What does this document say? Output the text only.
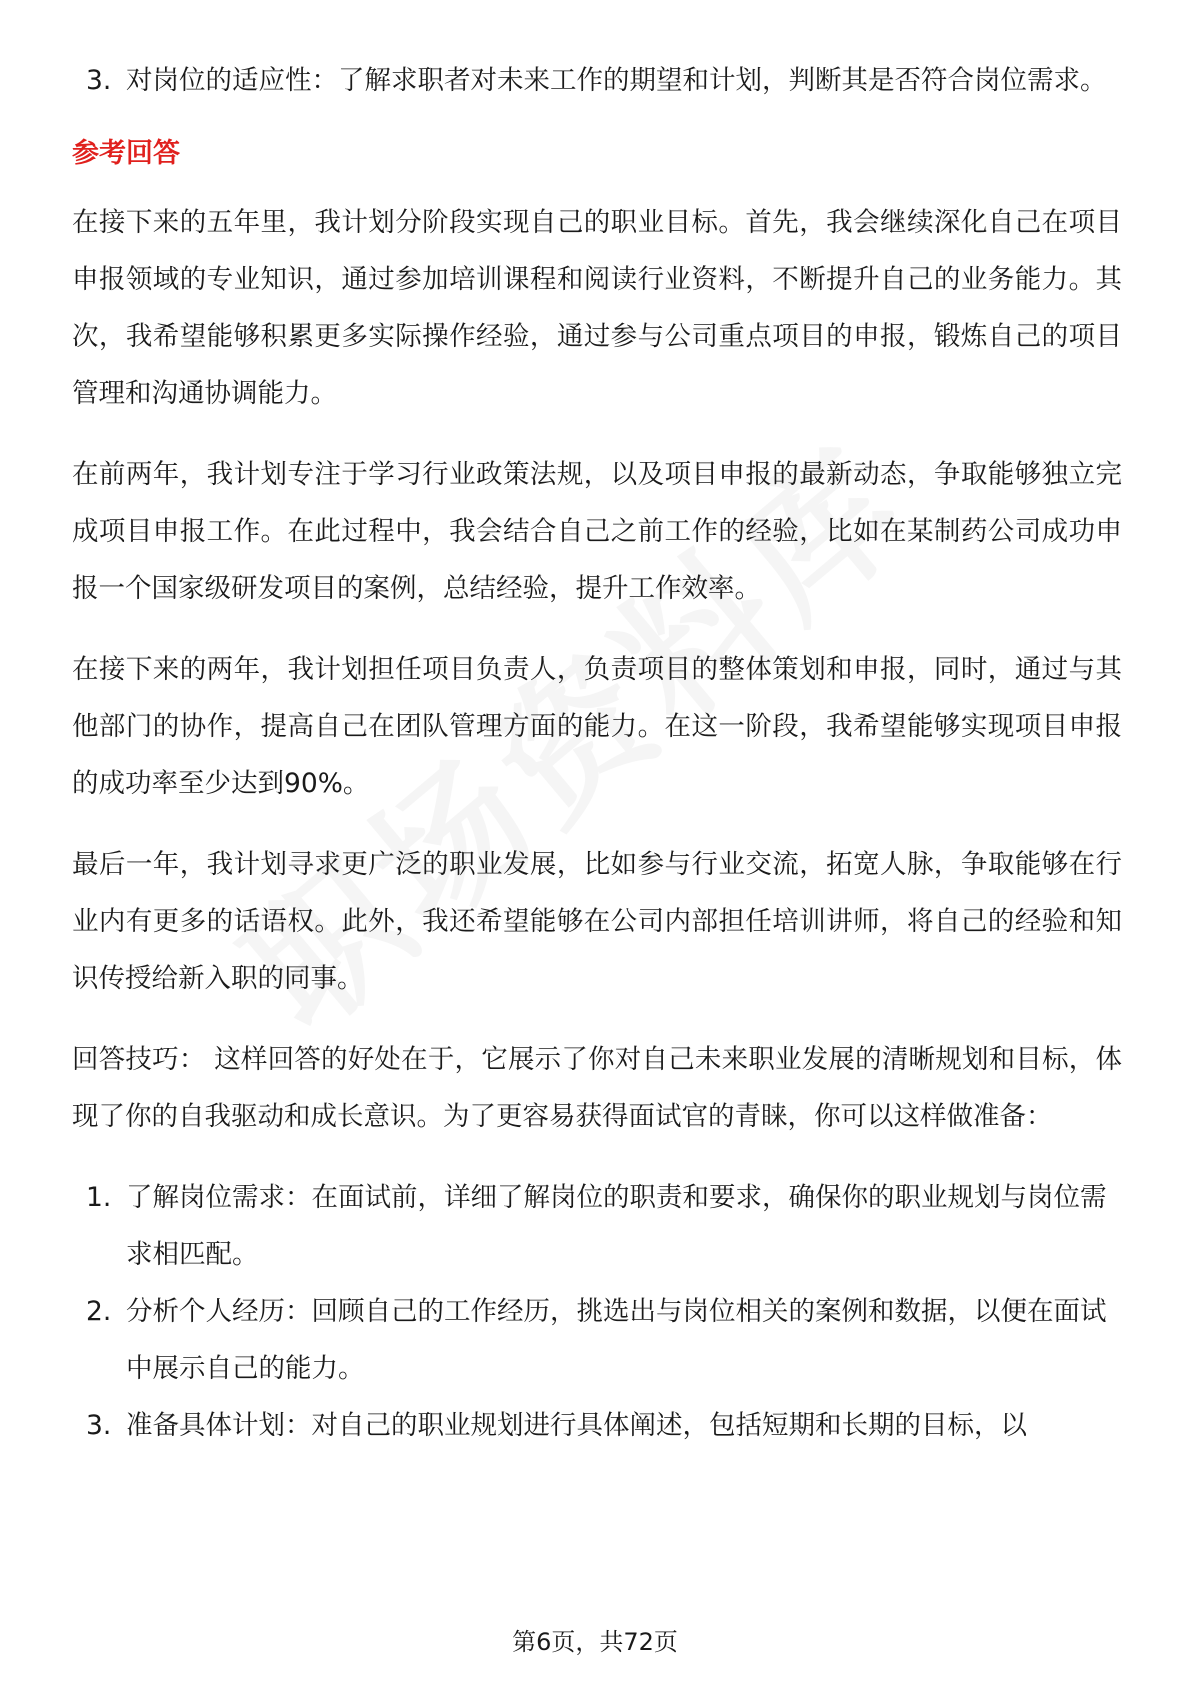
3. 对岗位的适应性：了解求职者对未来工作的期望和计划，判断其是否符合岗位需求。
参考回答

在接下来的五年里，我计划分阶段实现自己的职业目标。首先，我会继续深化自己在项目申报领域的专业知识，通过参加培训课程和阅读行业资料，不断提升自己的业务能力。其次，我希望能够积累更多实际操作经验，通过参与公司重点项目的申报，锻炼自己的项目管理和沟通协调能力。

在前两年，我计划专注于学习行业政策法规，以及项目申报的最新动态，争取能够独立完成项目申报工作。在此过程中，我会结合自己之前工作的经验，比如在某制药公司成功申报一个国家级研发项目的案例，总结经验，提升工作效率。

在接下来的两年，我计划担任项目负责人，负责项目的整体策划和申报，同时，通过与其他部门的协作，提高自己在团队管理方面的能力。在这一阶段，我希望能够实现项目申报的成功率至少达到90%。

最后一年，我计划寻求更广泛的职业发展，比如参与行业交流，拓宽人脉，争取能够在行业内有更多的话语权。此外，我还希望能够在公司内部担任培训讲师，将自己的经验和知识传授给新入职的同事。

回答技巧： 这样回答的好处在于，它展示了你对自己未来职业发展的清晰规划和目标，体现了你的自我驱动和成长意识。为了更容易获得面试官的青睐，你可以这样做准备：

1. 了解岗位需求：在面试前，详细了解岗位的职责和要求，确保你的职业规划与岗位需求相匹配。
2. 分析个人经历：回顾自己的工作经历，挑选出与岗位相关的案例和数据，以便在面试中展示自己的能力。
3. 准备具体计划：对自己的职业规划进行具体阐述，包括短期和长期的目标，以
第6页，共72页
